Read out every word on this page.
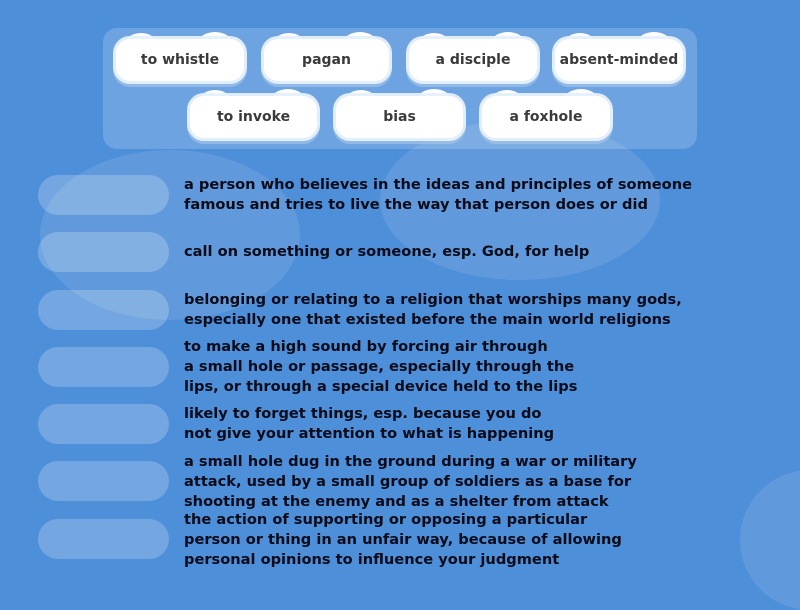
to whistle	pagan	a disciple	absent-minded
to invoke	bias	a foxhole
a person who believes in the ideas and principles of someone
famous and tries to live the way that person does or did
call on something or someone, esp. God, for help
belonging or relating to a religion that worships many gods,
especially one that existed before the main world religions
to make a high sound by forcing air through
a small hole or passage, especially through the
lips, or through a special device held to the lips
likely to forget things, esp. because you do
not give your attention to what is happening
a small hole dug in the ground during a war or military
attack, used by a small group of soldiers as a base for
shooting at the enemy and as a shelter from attack
the action of supporting or opposing a particular
person or thing in an unfair way, because of allowing
personal opinions to influence your judgment
